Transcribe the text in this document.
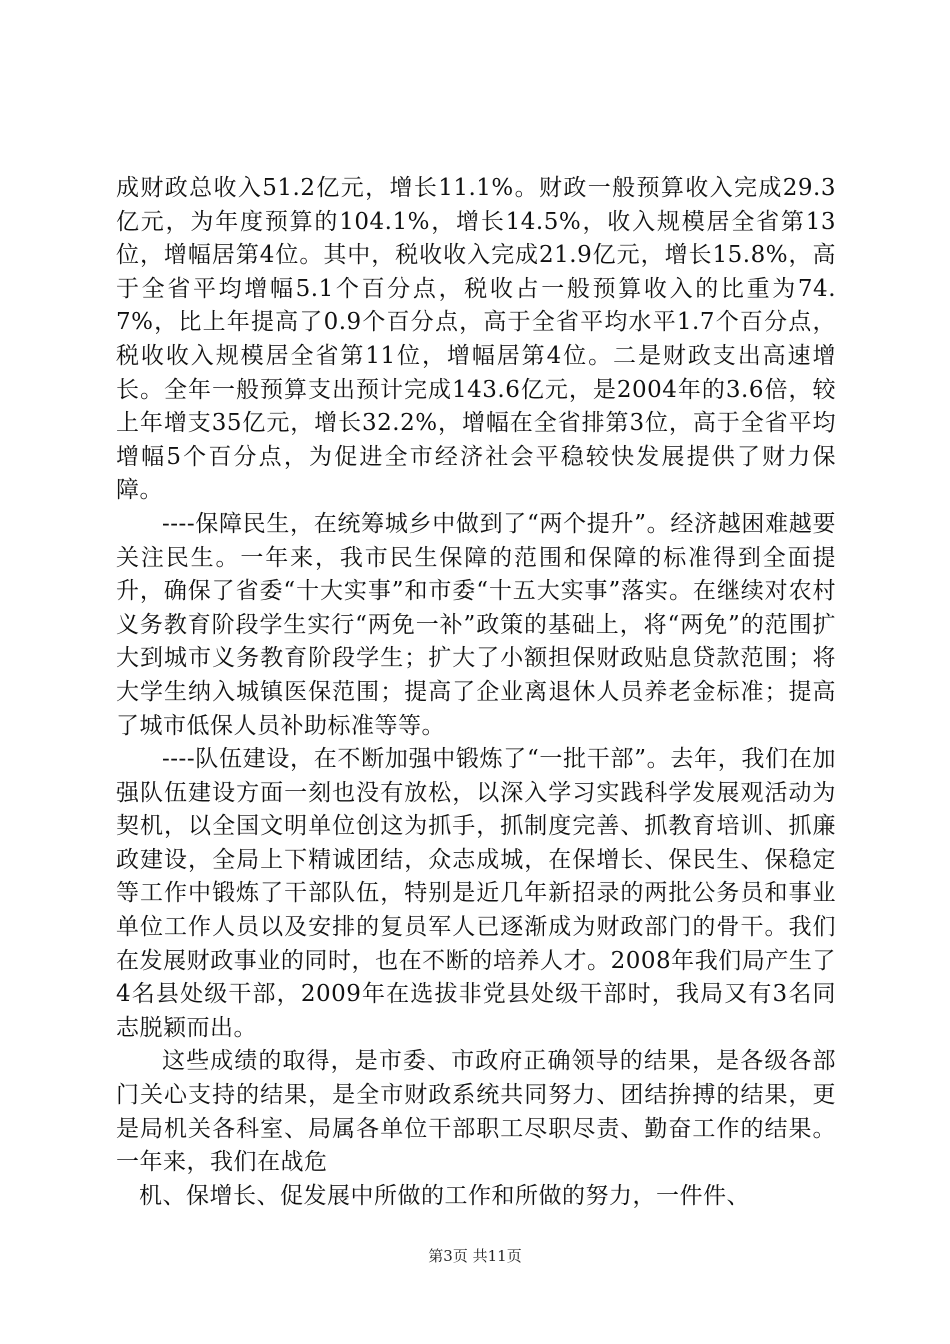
成财政总收入51.2亿元，增长11.1%。财政一般预算收入完成29.3亿元，为年度预算的104.1%，增长14.5%，收入规模居全省第13位，增幅居第4位。其中，税收收入完成21.9亿元，增长15.8%，高于全省平均增幅5.1个百分点，税收占一般预算收入的比重为74.7%，比上年提高了0.9个百分点，高于全省平均水平1.7个百分点，税收收入规模居全省第11位，增幅居第4位。二是财政支出高速增长。全年一般预算支出预计完成143.6亿元，是2004年的3.6倍，较上年增支35亿元，增长32.2%，增幅在全省排第3位，高于全省平均增幅5个百分点，为促进全市经济社会平稳较快发展提供了财力保障。

----保障民生，在统筹城乡中做到了“两个提升”。经济越困难越要关注民生。一年来，我市民生保障的范围和保障的标准得到全面提升，确保了省委“十大实事”和市委“十五大实事”落实。在继续对农村义务教育阶段学生实行“两免一补”政策的基础上，将“两免”的范围扩大到城市义务教育阶段学生；扩大了小额担保财政贴息贷款范围；将大学生纳入城镇医保范围；提高了企业离退休人员养老金标准；提高了城市低保人员补助标准等等。

----队伍建设，在不断加强中锻炼了“一批干部”。去年，我们在加强队伍建设方面一刻也没有放松，以深入学习实践科学发展观活动为契机，以全国文明单位创这为抓手，抓制度完善、抓教育培训、抓廉政建设，全局上下精诚团结，众志成城，在保增长、保民生、保稳定等工作中锻炼了干部队伍，特别是近几年新招录的两批公务员和事业单位工作人员以及安排的复员军人已逐渐成为财政部门的骨干。我们在发展财政事业的同时，也在不断的培养人才。2008年我们局产生了4名县处级干部，2009年在选拔非党县处级干部时，我局又有3名同志脱颖而出。

这些成绩的取得，是市委、市政府正确领导的结果，是各级各部门关心支持的结果，是全市财政系统共同努力、团结拚搏的结果，更是局机关各科室、局属各单位干部职工尽职尽责、勤奋工作的结果。一年来，我们在战危

机、保增长、促发展中所做的工作和所做的努力，一件件、

第3页 共11页
